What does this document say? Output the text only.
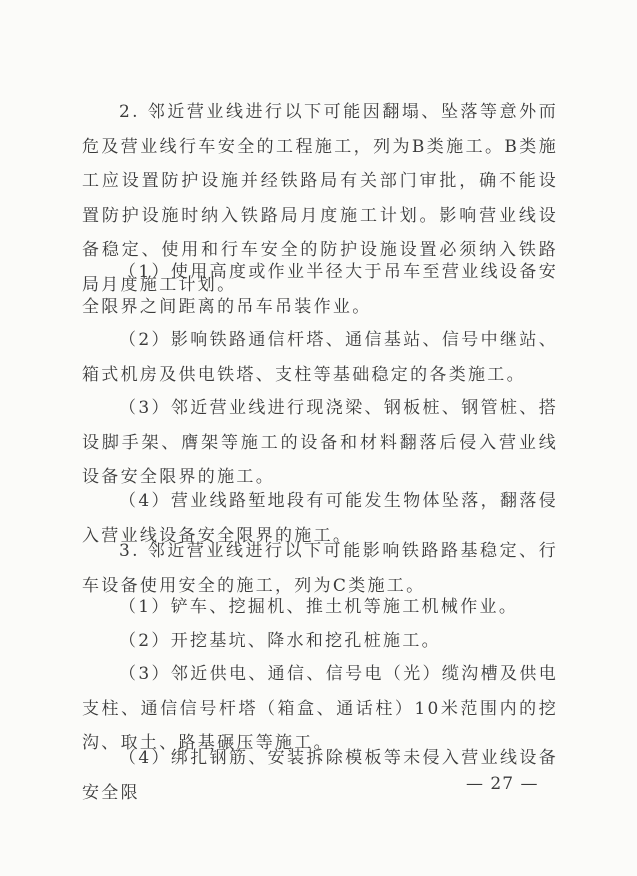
2. 邻近营业线进行以下可能因翻塌、坠落等意外而危及营业线行车安全的工程施工，列为B类施工。B类施工应设置防护设施并经铁路局有关部门审批，确不能设置防护设施时纳入铁路局月度施工计划。影响营业线设备稳定、使用和行车安全的防护设施设置必须纳入铁路局月度施工计划。

（1）使用高度或作业半径大于吊车至营业线设备安全限界之间距离的吊车吊装作业。

（2）影响铁路通信杆塔、通信基站、信号中继站、箱式机房及供电铁塔、支柱等基础稳定的各类施工。

（3）邻近营业线进行现浇梁、钢板桩、钢管桩、搭设脚手架、膺架等施工的设备和材料翻落后侵入营业线设备安全限界的施工。

（4）营业线路堑地段有可能发生物体坠落，翻落侵入营业线设备安全限界的施工。

3. 邻近营业线进行以下可能影响铁路路基稳定、行车设备使用安全的施工，列为C类施工。

（1）铲车、挖掘机、推土机等施工机械作业。

（2）开挖基坑、降水和挖孔桩施工。

（3）邻近供电、通信、信号电（光）缆沟槽及供电支柱、通信信号杆塔（箱盒、通话柱）10米范围内的挖沟、取土、路基碾压等施工。

（4）绑扎钢筋、安装拆除模板等未侵入营业线设备安全限	— 27 —
